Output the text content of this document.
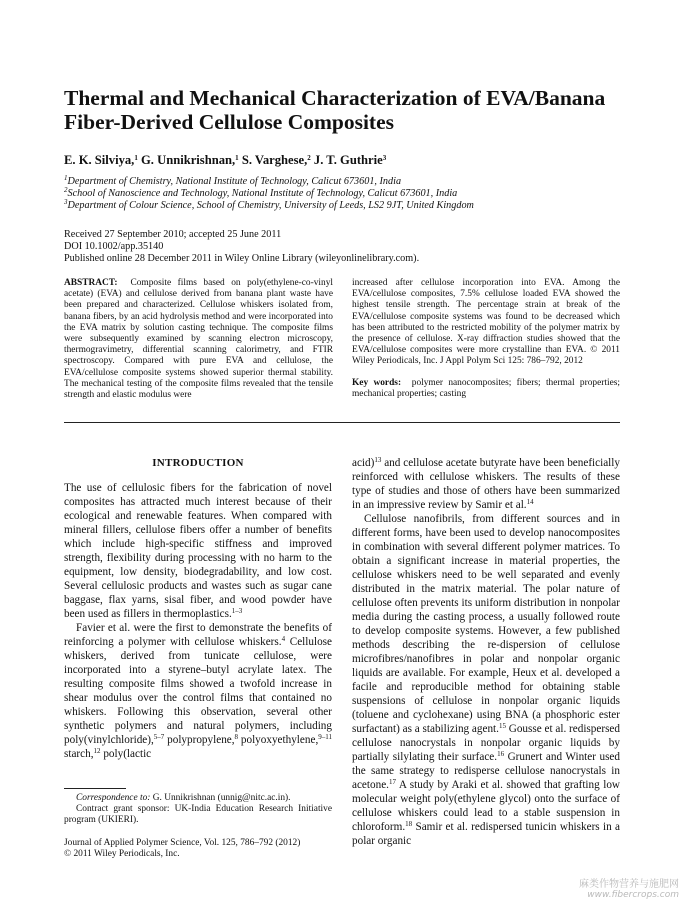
Thermal and Mechanical Characterization of EVA/Banana Fiber-Derived Cellulose Composites

E. K. Silviya,$^1$ G. Unnikrishnan,$^1$ S. Varghese,$^2$ J. T. Guthrie$^3$

$^1$Department of Chemistry, National Institute of Technology, Calicut 673601, India

$^2$School of Nanoscience and Technology, National Institute of Technology, Calicut 673601, India

$^3$Department of Colour Science, School of Chemistry, University of Leeds, LS2 9JT, United Kingdom

Received 27 September 2010; accepted 25 June 2011

DOI 10.1002/app.35140

Published online 28 December 2011 in Wiley Online Library (wileyonlinelibrary.com).

ABSTRACT: Composite films based on poly(ethylene-co-vinyl acetate) (EVA) and cellulose derived from banana plant waste have been prepared and characterized. Cellulose whiskers isolated from, banana fibers, by an acid hydrolysis method and were incorporated into the EVA matrix by solution casting technique. The composite films were subsequently examined by scanning electron microscopy, thermogravimetry, differential scanning calorimetry, and FTIR spectroscopy. Compared with pure EVA and cellulose, the EVA/cellulose composite systems showed superior thermal stability. The mechanical testing of the composite films revealed that the tensile strength and elastic modulus were

increased after cellulose incorporation into EVA. Among the EVA/cellulose composites, 7.5% cellulose loaded EVA showed the highest tensile strength. The percentage strain at break of the EVA/cellulose composite systems was found to be decreased which has been attributed to the restricted mobility of the polymer matrix by the presence of cellulose. X-ray diffraction studies showed that the EVA/cellulose composites were more crystalline than EVA. © 2011 Wiley Periodicals, Inc. J Appl Polym Sci 125: 786–792, 2012

Key words: polymer nanocomposites; fibers; thermal properties; mechanical properties; casting

INTRODUCTION

The use of cellulosic fibers for the fabrication of novel composites has attracted much interest because of their ecological and renewable features. When compared with mineral fillers, cellulose fibers offer a number of benefits which include high-specific stiffness and improved strength, flexibility during processing with no harm to the equipment, low density, biodegradability, and low cost. Several cellulosic products and wastes such as sugar cane baggase, flax yarns, sisal fiber, and wood powder have been used as fillers in thermoplastics.$^{1-3}$

Favier et al. were the first to demonstrate the benefits of reinforcing a polymer with cellulose whiskers.$^4$ Cellulose whiskers, derived from tunicate cellulose, were incorporated into a styrene–butyl acrylate latex. The resulting composite films showed a twofold increase in shear modulus over the control films that contained no whiskers. Following this observation, several other synthetic polymers and natural polymers, including poly(vinylchloride),$^{5-7}$ polypropylene,$^8$ polyoxyethylene,$^{9-11}$ starch,$^{12}$ poly(lactic

acid)$^{13}$ and cellulose acetate butyrate have been beneficially reinforced with cellulose whiskers. The results of these type of studies and those of others have been summarized in an impressive review by Samir et al.$^{14}$

Cellulose nanofibrils, from different sources and in different forms, have been used to develop nanocomposites in combination with several different polymer matrices. To obtain a significant increase in material properties, the cellulose whiskers need to be well separated and evenly distributed in the matrix material. The polar nature of cellulose often prevents its uniform distribution in nonpolar media during the casting process, a usually followed route to develop composite systems. However, a few published methods describing the re-dispersion of cellulose microfibres/nanofibres in polar and nonpolar organic liquids are available. For example, Heux et al. developed a facile and reproducible method for obtaining stable suspensions of cellulose in nonpolar organic liquids (toluene and cyclohexane) using BNA (a phosphoric ester surfactant) as a stabilizing agent.$^{15}$ Gousse et al. redispersed cellulose nanocrystals in nonpolar organic liquids by partially silylating their surface.$^{16}$ Grunert and Winter used the same strategy to redisperse cellulose nanocrystals in acetone.$^{17}$ A study by Araki et al. showed that grafting low molecular weight poly(ethylene glycol) onto the surface of cellulose whiskers could lead to a stable suspension in chloroform.$^{18}$ Samir et al. redispersed tunicin whiskers in a polar organic

Correspondence to: G. Unnikrishnan (unnig@nitc.ac.in).

Contract grant sponsor: UK-India Education Research Initiative program (UKIERI).

Journal of Applied Polymer Science, Vol. 125, 786–792 (2012)

© 2011 Wiley Periodicals, Inc.

麻类作物营养与施肥网
www.fibercrops.com
